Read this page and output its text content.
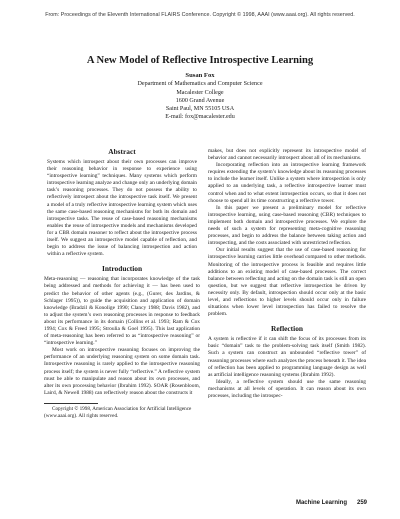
From: Proceedings of the Eleventh International FLAIRS Conference. Copyright © 1998, AAAI (www.aaai.org). All rights reserved.
A New Model of Reflective Introspective Learning
Susan Fox
Department of Mathematics and Computer Science
Macalester College
1600 Grand Avenue
Saint Paul, MN 55105 USA
E-mail: fox@macalester.edu
Abstract

Systems which introspect about their own processes can improve their reasoning behavior in response to experience using “introspective learning” techniques. Many systems which perform introspective learning analyze and change only an underlying domain task’s reasoning processes. They do not possess the ability to reflectively introspect about the introspective task itself. We present a model of a truly reflective introspective learning system which uses the same case-based reasoning mechanisms for both its domain and introspective tasks. The reuse of case-based reasoning mechanisms enables the reuse of introspective models and mechanisms developed for a CBR domain reasoner to reflect about the introspective process itself. We suggest an introspective model capable of reflection, and begin to address the issue of balancing introspection and action within a reflective system.

Introduction

Meta-reasoning — reasoning that incorporates knowledge of the task being addressed and methods for achieving it — has been used to predict the behavior of other agents (e.g., (Gurer, des Jardins, & Schlager 1995)), to guide the acquisition and application of domain knowledge (Bradzil & Konolige 1990; Clancy 1988; Davis 1982), and to adjust the system’s own reasoning processes in response to feedback about its performance in its domain (Collins et al. 1993; Ram & Cox 1994; Cox & Freed 1995; Stroulia & Goel 1995). This last application of meta-reasoning has been referred to as “introspective reasoning” or “introspective learning.”

Most work on introspective reasoning focuses on improving the performance of an underlying reasoning system on some domain task. Introspective reasoning is rarely applied to the introspective reasoning process itself; the system is never fully “reflective.” A reflective system must be able to manipulate and reason about its own processes, and alter its own processing behavior (Ibrahim 1992). SOAR (Rosenbloom, Laird, & Newell 1988) can reflectively reason about the constructs it

Copyright © 1998, American Association for Artificial Intelligence (www.aaai.org). All rights reserved.

makes, but does not explicitly represent its introspective model of behavior and cannot necessarily introspect about all of its mechanisms.

Incorporating reflection into an introspective learning framework requires extending the system’s knowledge about its reasoning processes to include the learner itself. Unlike a system where introspection is only applied to an underlying task, a reflective introspective learner must control when and to what extent introspection occurs, so that it does not choose to spend all its time constructing a reflective tower.

In this paper we present a preliminary model for reflective introspective learning, using case-based reasoning (CBR) techniques to implement both domain and introspective processes. We explore the needs of such a system for representing meta-cognitive reasoning processes, and begin to address the balance between taking action and introspecting, and the costs associated with unrestricted reflection.

Our initial results suggest that the use of case-based reasoning for introspective learning carries little overhead compared to other methods. Monitoring of the introspective process is feasible and requires little additions to an existing model of case-based processes. The correct balance between reflecting and acting on the domain task is still an open question, but we suggest that reflective introspection be driven by necessity only. By default, introspection should occur only at the basic level, and reflections to higher levels should occur only in failure situations when lower level introspection has failed to resolve the problem.

Reflection

A system is reflective if it can shift the focus of its processes from its basic “domain” task to the problem-solving task itself (Smith 1982). Such a system can construct an unbounded “reflective tower” of reasoning processes where each analyzes the process beneath it. The idea of reflection has been applied to programming language design as well as artificial intelligence reasoning systems (Ibrahim 1992).

Ideally, a reflective system should use the same reasoning mechanisms at all levels of operation. It can reason about its own processes, including the introspec-

Machine Learning 259
